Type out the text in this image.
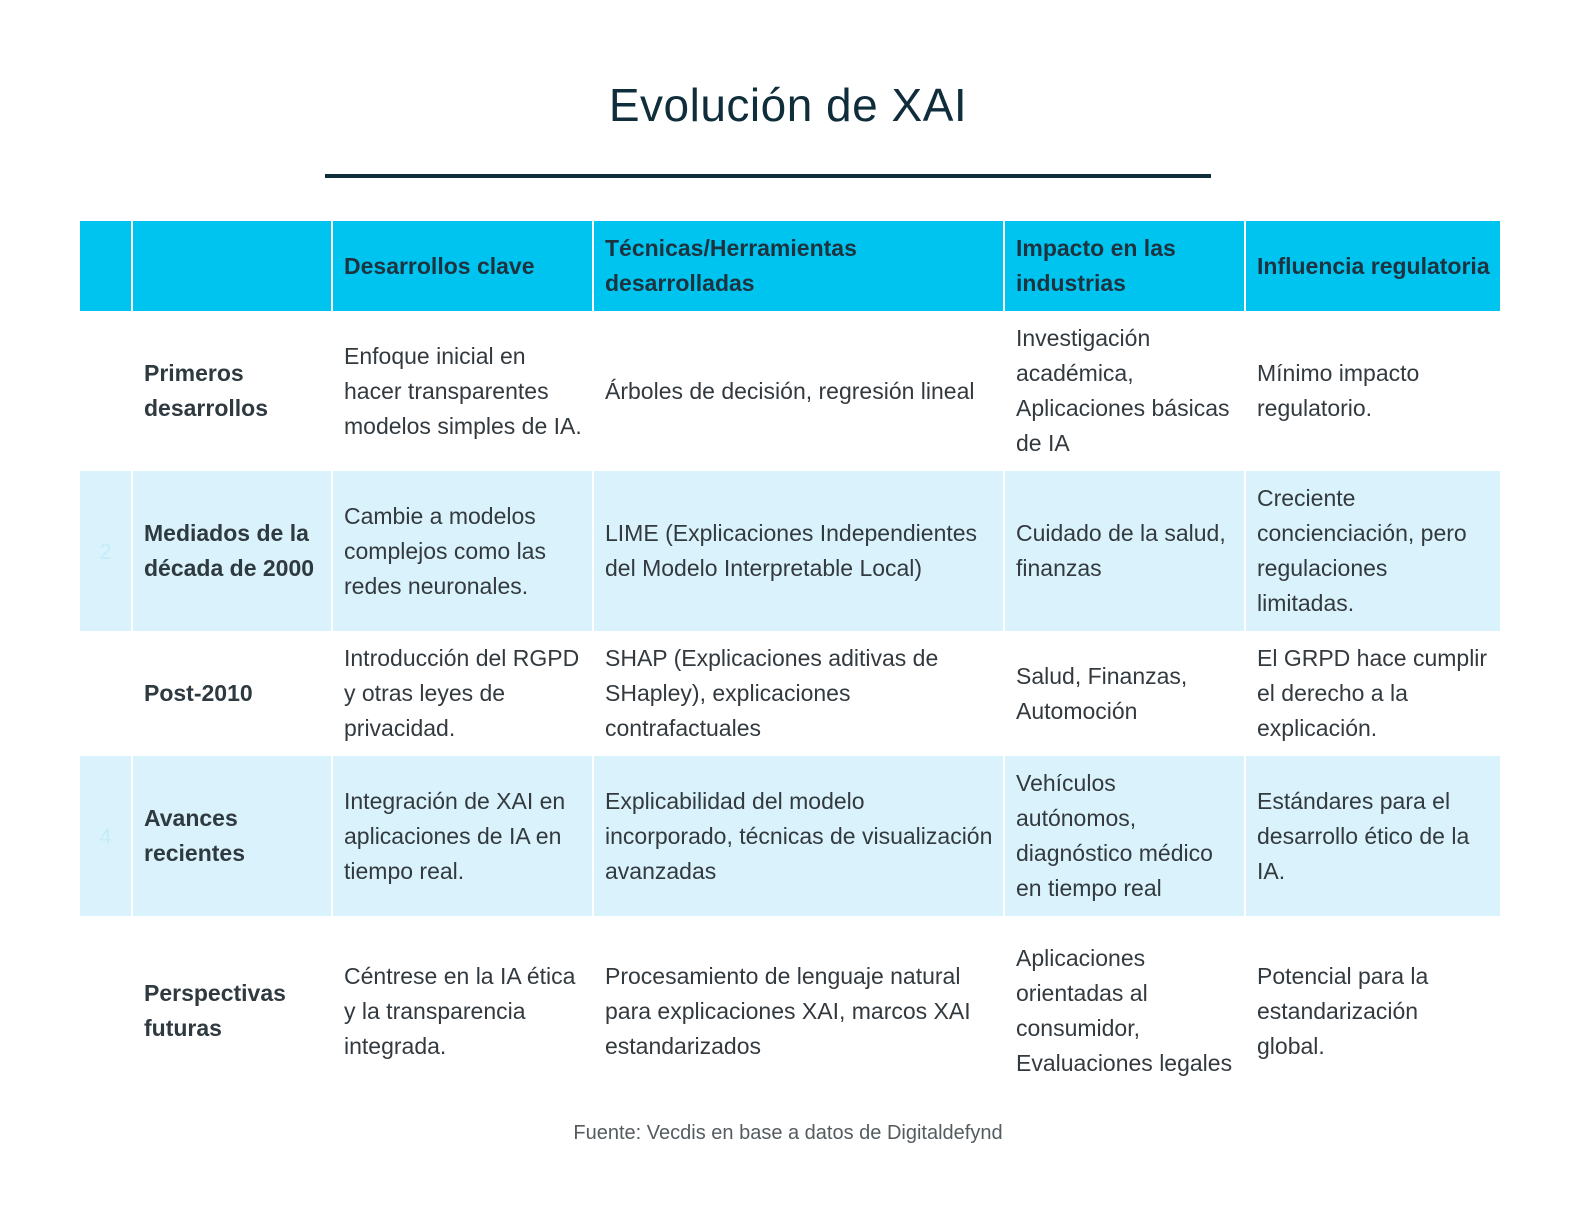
Evolución de XAI
		Desarrollos clave	Técnicas/Herramientas desarrolladas	Impacto en las industrias	Influencia regulatoria
	Primeros desarrollos	Enfoque inicial en hacer transparentes modelos simples de IA.	Árboles de decisión, regresión lineal	Investigación académica, Aplicaciones básicas de IA	Mínimo impacto regulatorio.
2	Mediados de la década de 2000	Cambie a modelos complejos como las redes neuronales.	LIME (Explicaciones Independientes del Modelo Interpretable Local)	Cuidado de la salud, finanzas	Creciente concienciación, pero regulaciones limitadas.
	Post-2010	Introducción del RGPD y otras leyes de privacidad.	SHAP (Explicaciones aditivas de SHapley), explicaciones contrafactuales	Salud, Finanzas, Automoción	El GRPD hace cumplir el derecho a la explicación.
4	Avances recientes	Integración de XAI en aplicaciones de IA en tiempo real.	Explicabilidad del modelo incorporado, técnicas de visualización avanzadas	Vehículos autónomos, diagnóstico médico en tiempo real	Estándares para el desarrollo ético de la IA.
	Perspectivas futuras	Céntrese en la IA ética y la transparencia integrada.	Procesamiento de lenguaje natural para explicaciones XAI, marcos XAI estandarizados	Aplicaciones orientadas al consumidor, Evaluaciones legales	Potencial para la estandarización global.
Fuente: Vecdis en base a datos de Digitaldefynd
